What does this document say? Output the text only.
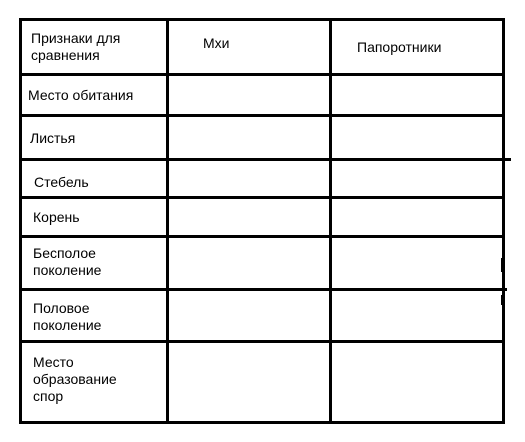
Признаки для
сравнения
Мхи	Папоротники
Место обитания
Листья
Стебель
Корень
Бесполое
поколение
Половое
поколение
Место
образование
спор
